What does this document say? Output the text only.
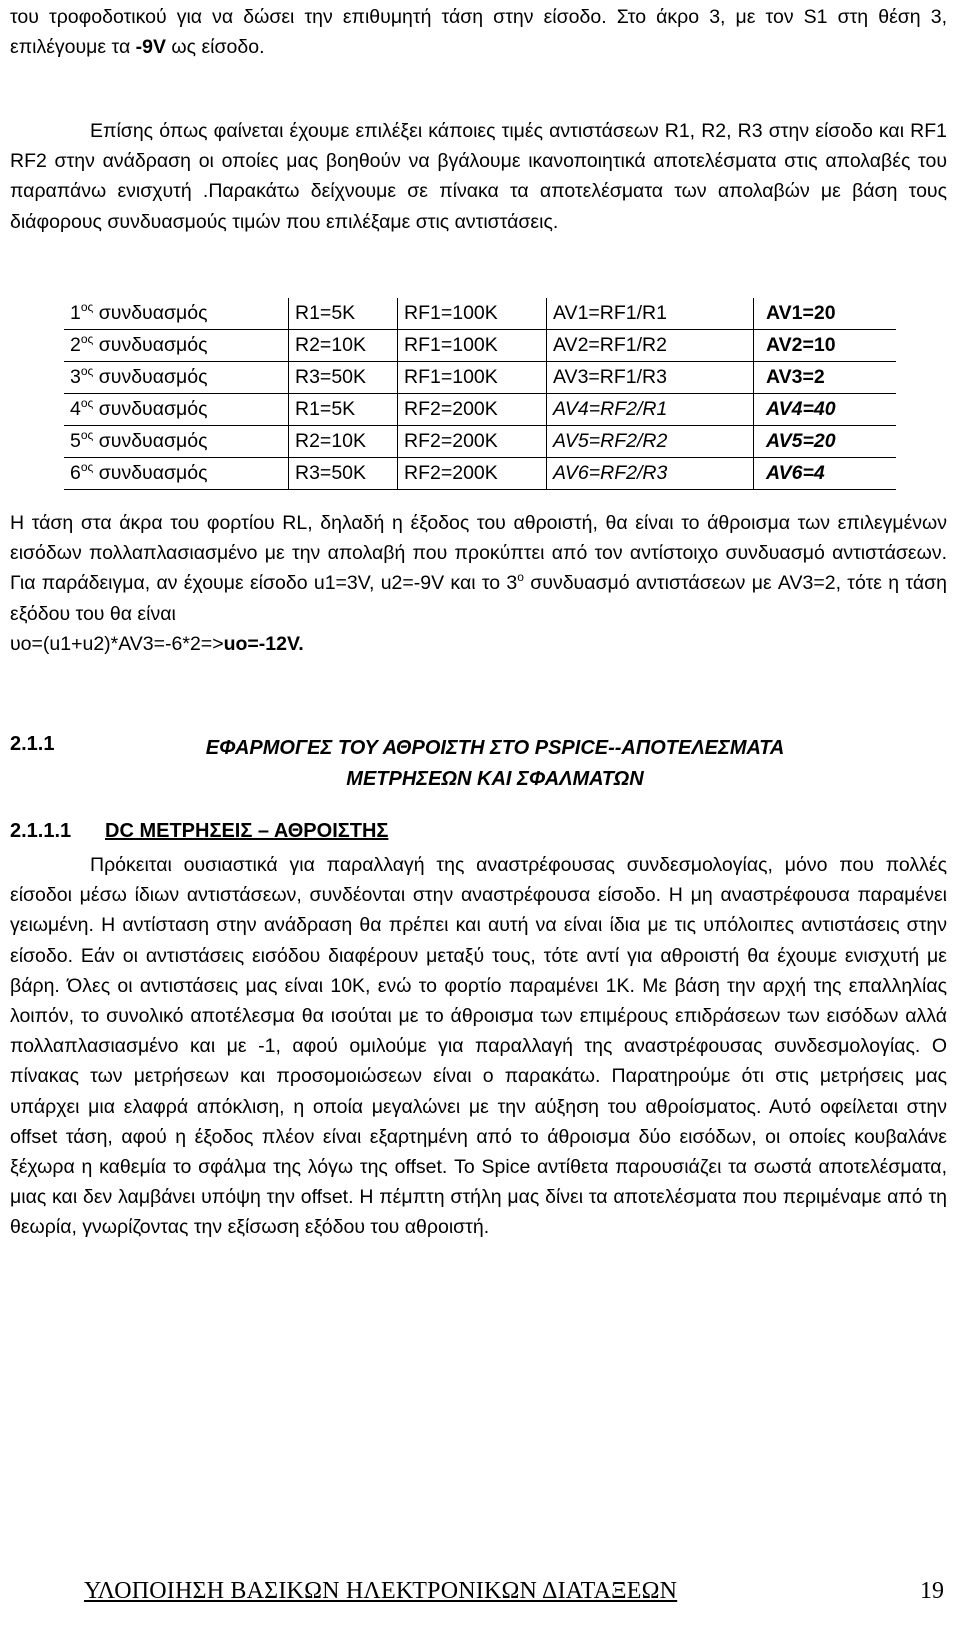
του τροφοδοτικού για να δώσει την επιθυμητή τάση στην είσοδο. Στο άκρο 3, με τον S1 στη θέση 3, επιλέγουμε τα -9V ως είσοδο.

Επίσης όπως φαίνεται έχουμε επιλέξει κάποιες τιμές αντιστάσεων R1, R2, R3 στην είσοδο και RF1 RF2 στην ανάδραση οι οποίες μας βοηθούν να βγάλουμε ικανοποιητικά αποτελέσματα στις απολαβές του παραπάνω ενισχυτή .Παρακάτω δείχνουμε σε πίνακα τα αποτελέσματα των απολαβών με βάση τους διάφορους συνδυασμούς τιμών που επιλέξαμε στις αντιστάσεις.

$1^{o\varsigma}$ συνδυασμός	R1=5K	RF1=100K	AV1=RF1/R1	AV1=20
$2^{o\varsigma}$ συνδυασμός	R2=10K	RF1=100K	AV2=RF1/R2	AV2=10
$3^{o\varsigma}$ συνδυασμός	R3=50K	RF1=100K	AV3=RF1/R3	AV3=2
$4^{o\varsigma}$ συνδυασμός	R1=5K	RF2=200K	AV4=RF2/R1	AV4=40
$5^{o\varsigma}$ συνδυασμός	R2=10K	RF2=200K	AV5=RF2/R2	AV5=20
$6^{o\varsigma}$ συνδυασμός	R3=50K	RF2=200K	AV6=RF2/R3	AV6=4

Η τάση στα άκρα του φορτίου RL, δηλαδή η έξοδος του αθροιστή, θα είναι το άθροισμα των επιλεγμένων εισόδων πολλαπλασιασμένο με την απολαβή που προκύπτει από τον αντίστοιχο συνδυασμό αντιστάσεων. Για παράδειγμα, αν έχουμε είσοδο u1=3V, u2=-9V και το $3^o$ συνδυασμό αντιστάσεων με AV3=2, τότε η τάση εξόδου του θα είναι
υo=(u1+u2)*AV3=-6*2=>uo=-12V.

2.1.1	ΕΦΑΡΜΟΓΕΣ ΤΟΥ ΑΘΡΟΙΣΤΗ ΣΤΟ PSPICE--ΑΠΟΤΕΛΕΣΜΑΤΑ
ΜΕΤΡΗΣΕΩΝ ΚΑΙ ΣΦΑΛΜΑΤΩΝ
2.1.1.1 DC ΜΕΤΡΗΣΕΙΣ – ΑΘΡΟΙΣΤΗΣ

Πρόκειται ουσιαστικά για παραλλαγή της αναστρέφουσας συνδεσμολογίας, μόνο που πολλές είσοδοι μέσω ίδιων αντιστάσεων, συνδέονται στην αναστρέφουσα είσοδο. Η μη αναστρέφουσα παραμένει γειωμένη. Η αντίσταση στην ανάδραση θα πρέπει και αυτή να είναι ίδια με τις υπόλοιπες αντιστάσεις στην είσοδο. Εάν οι αντιστάσεις εισόδου διαφέρουν μεταξύ τους, τότε αντί για αθροιστή θα έχουμε ενισχυτή με βάρη. Όλες οι αντιστάσεις μας είναι 10K, ενώ το φορτίο παραμένει 1K. Με βάση την αρχή της επαλληλίας λοιπόν, το συνολικό αποτέλεσμα θα ισούται με το άθροισμα των επιμέρους επιδράσεων των εισόδων αλλά πολλαπλασιασμένο και με -1, αφού ομιλούμε για παραλλαγή της αναστρέφουσας συνδεσμολογίας. Ο πίνακας των μετρήσεων και προσομοιώσεων είναι ο παρακάτω. Παρατηρούμε ότι στις μετρήσεις μας υπάρχει μια ελαφρά απόκλιση, η οποία μεγαλώνει με την αύξηση του αθροίσματος. Αυτό οφείλεται στην offset τάση, αφού η έξοδος πλέον είναι εξαρτημένη από το άθροισμα δύο εισόδων, οι οποίες κουβαλάνε ξέχωρα η καθεμία το σφάλμα της λόγω της offset. Το Spice αντίθετα παρουσιάζει τα σωστά αποτελέσματα, μιας και δεν λαμβάνει υπόψη την offset. Η πέμπτη στήλη μας δίνει τα αποτελέσματα που περιμέναμε από τη θεωρία, γνωρίζοντας την εξίσωση εξόδου του αθροιστή.

ΥΛΟΠΟΙΗΣΗ ΒΑΣΙΚΩΝ ΗΛΕΚΤΡΟΝΙΚΩΝ ΔΙΑΤΑΞΕΩΝ	19
